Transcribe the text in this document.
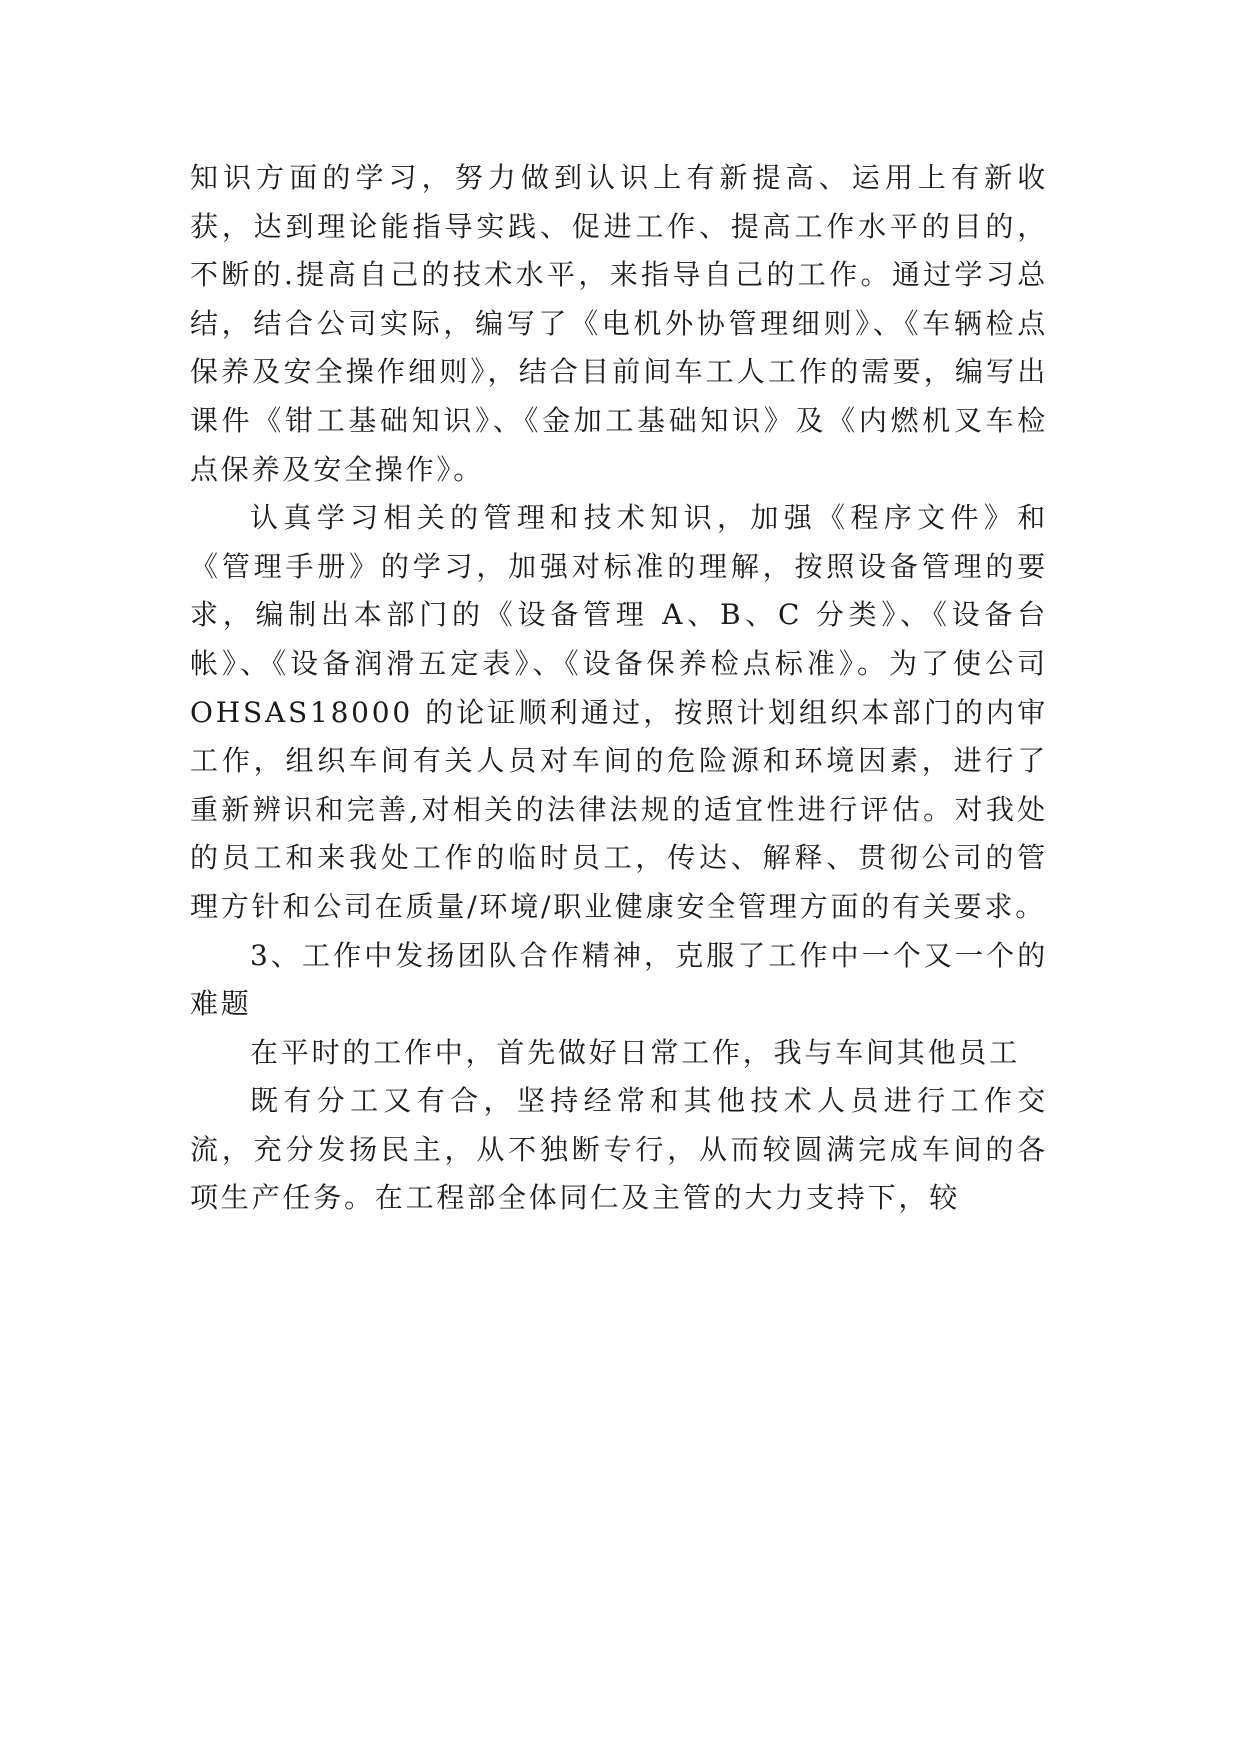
知识方面的学习，努力做到认识上有新提高、运用上有新收获，达到理论能指导实践、促进工作、提高工作水平的目的，不断的.提高自己的技术水平，来指导自己的工作。通过学习总结，结合公司实际，编写了《电机外协管理细则》、《车辆检点保养及安全操作细则》，结合目前间车工人工作的需要，编写出课件《钳工基础知识》、《金加工基础知识》及《内燃机叉车检点保养及安全操作》。

认真学习相关的管理和技术知识，加强《程序文件》和《管理手册》的学习，加强对标准的理解，按照设备管理的要求，编制出本部门的《设备管理 A、B、C 分类》、《设备台帐》、《设备润滑五定表》、《设备保养检点标准》。为了使公司 OHSAS18000 的论证顺利通过，按照计划组织本部门的内审工作，组织车间有关人员对车间的危险源和环境因素，进行了重新辨识和完善,对相关的法律法规的适宜性进行评估。对我处的员工和来我处工作的临时员工，传达、解释、贯彻公司的管理方针和公司在质量/环境/职业健康安全管理方面的有关要求。

3、工作中发扬团队合作精神，克服了工作中一个又一个的难题

在平时的工作中，首先做好日常工作，我与车间其他员工

既有分工又有合，坚持经常和其他技术人员进行工作交流，充分发扬民主，从不独断专行，从而较圆满完成车间的各项生产任务。在工程部全体同仁及主管的大力支持下，较
